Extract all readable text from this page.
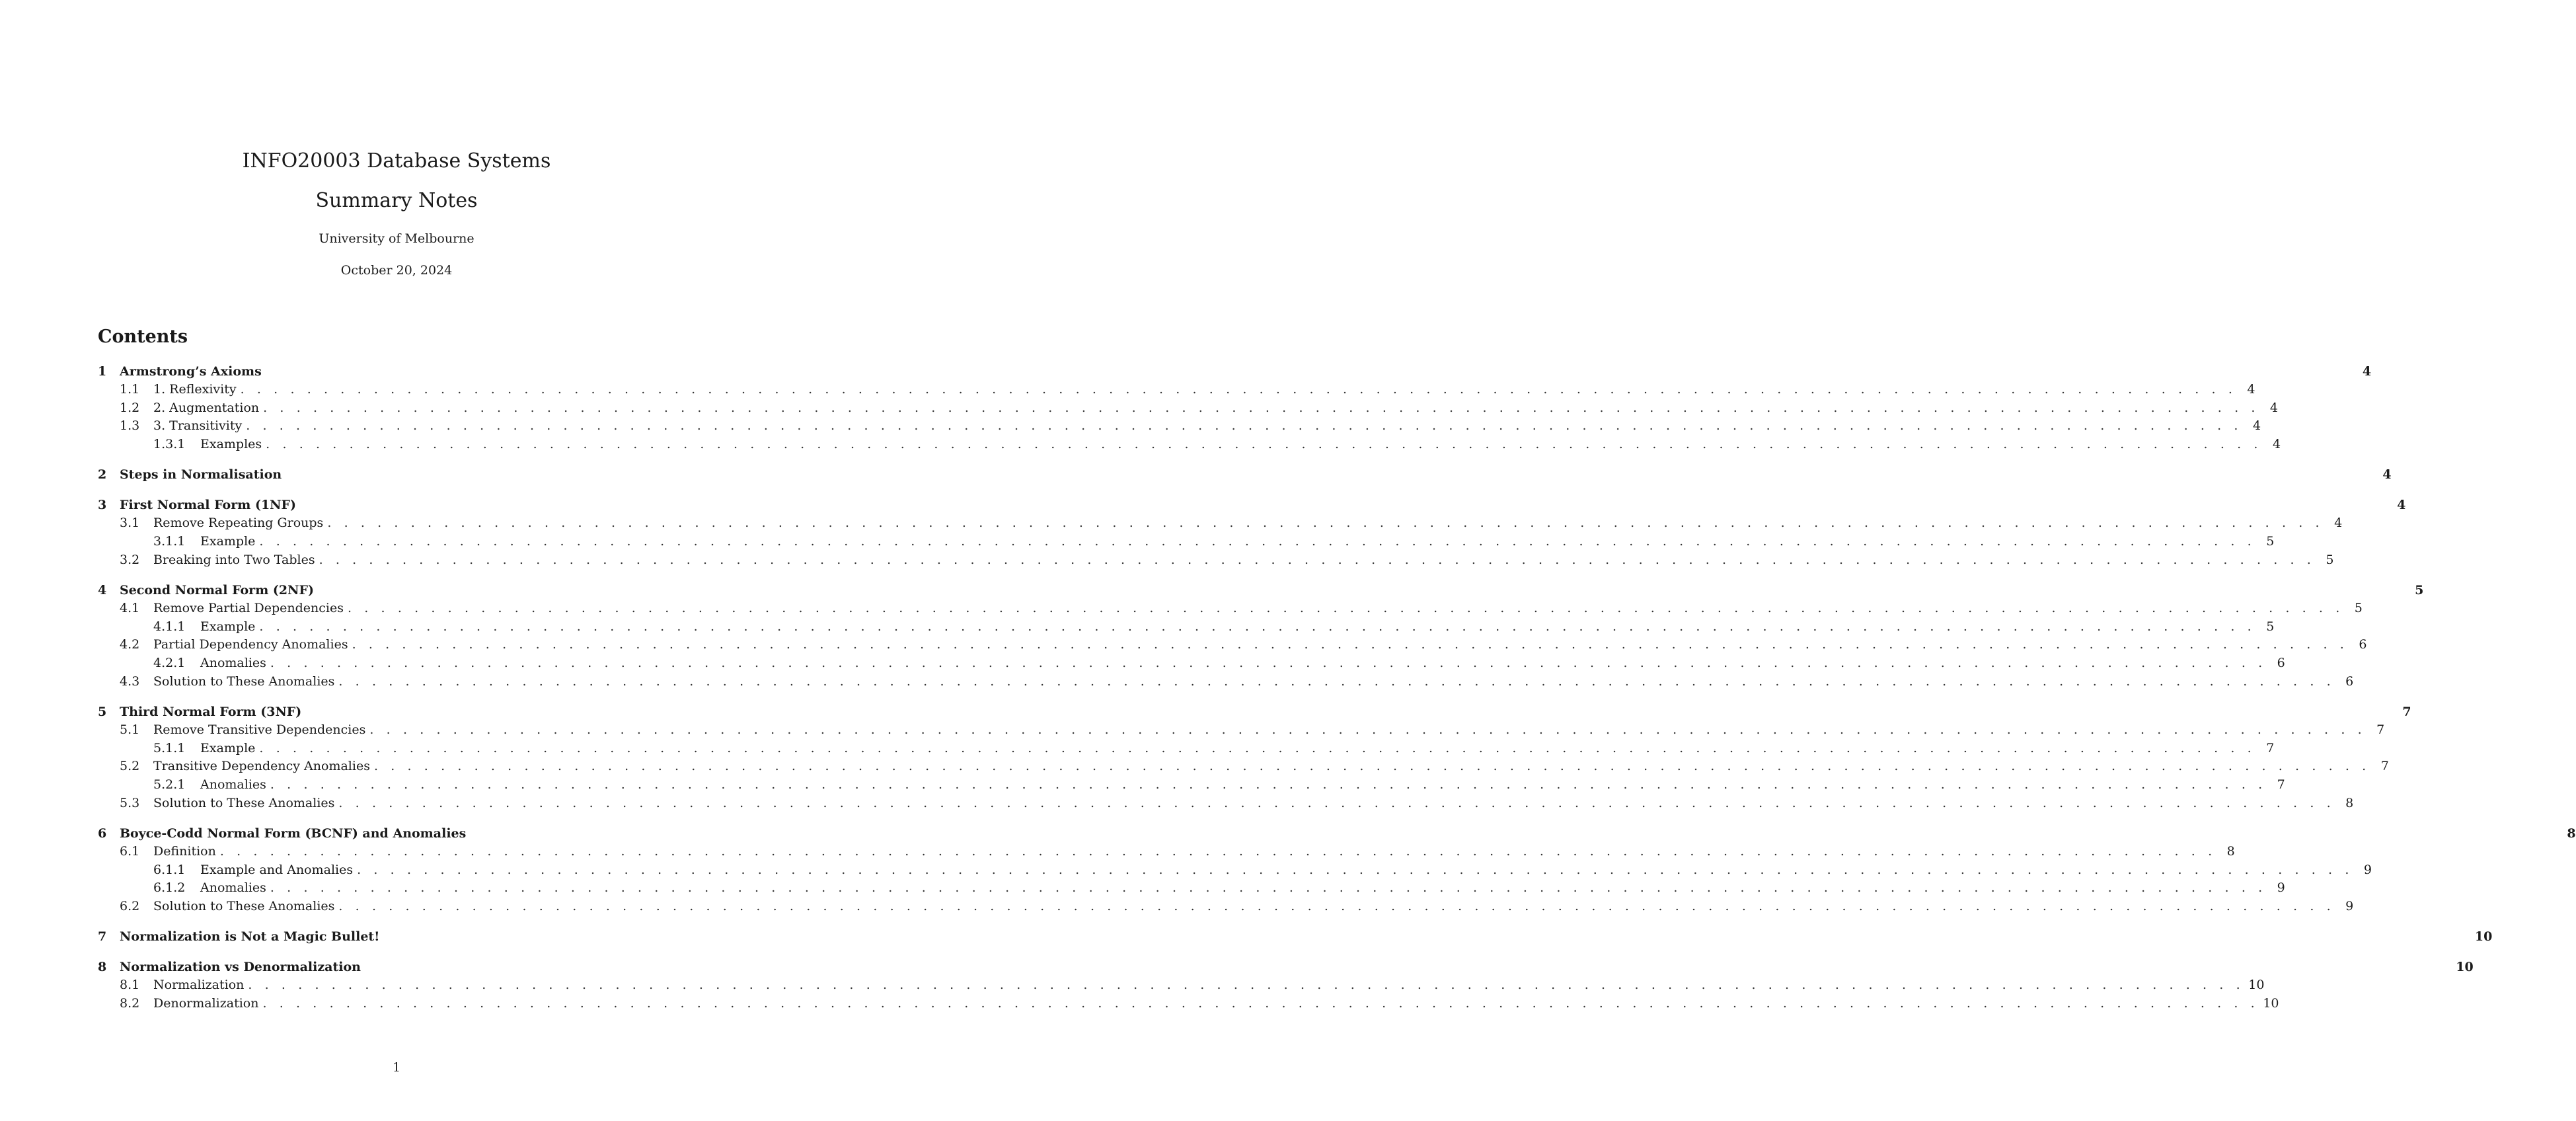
INFO20003 Database Systems
Summary Notes
University of Melbourne
October 20, 2024
Contents
1	Armstrong’s Axioms	4
1.1	1. Reflexivity . . . . . . . . . . . . . . . . . . . . . . . . . . . . . . . . . . . . . . . . . . . . . . . . . . . . . . . . . . . . . . . . . . . . . . . . . . . . . . . . . . . . . . . . . . . . . . . . . . . . . . . . . . . . . . . . . . . . . . . . 4
1.2	2. Augmentation . . . . . . . . . . . . . . . . . . . . . . . . . . . . . . . . . . . . . . . . . . . . . . . . . . . . . . . . . . . . . . . . . . . . . . . . . . . . . . . . . . . . . . . . . . . . . . . . . . . . . . . . . . . . . . . . . . . . . . . . 4
1.3	3. Transitivity . . . . . . . . . . . . . . . . . . . . . . . . . . . . . . . . . . . . . . . . . . . . . . . . . . . . . . . . . . . . . . . . . . . . . . . . . . . . . . . . . . . . . . . . . . . . . . . . . . . . . . . . . . . . . . . . . . . . . . . . 4
1.3.1	Examples . . . . . . . . . . . . . . . . . . . . . . . . . . . . . . . . . . . . . . . . . . . . . . . . . . . . . . . . . . . . . . . . . . . . . . . . . . . . . . . . . . . . . . . . . . . . . . . . . . . . . . . . . . . . . . . . . . . . . . . . 4
2	Steps in Normalisation	4
3	First Normal Form (1NF)	4
3.1	Remove Repeating Groups . . . . . . . . . . . . . . . . . . . . . . . . . . . . . . . . . . . . . . . . . . . . . . . . . . . . . . . . . . . . . . . . . . . . . . . . . . . . . . . . . . . . . . . . . . . . . . . . . . . . . . . . . . . . . . . . . . . . . . . . 4
3.1.1	Example . . . . . . . . . . . . . . . . . . . . . . . . . . . . . . . . . . . . . . . . . . . . . . . . . . . . . . . . . . . . . . . . . . . . . . . . . . . . . . . . . . . . . . . . . . . . . . . . . . . . . . . . . . . . . . . . . . . . . . . . 5
3.2	Breaking into Two Tables . . . . . . . . . . . . . . . . . . . . . . . . . . . . . . . . . . . . . . . . . . . . . . . . . . . . . . . . . . . . . . . . . . . . . . . . . . . . . . . . . . . . . . . . . . . . . . . . . . . . . . . . . . . . . . . . . . . . . . . . 5
4	Second Normal Form (2NF)	5
4.1	Remove Partial Dependencies . . . . . . . . . . . . . . . . . . . . . . . . . . . . . . . . . . . . . . . . . . . . . . . . . . . . . . . . . . . . . . . . . . . . . . . . . . . . . . . . . . . . . . . . . . . . . . . . . . . . . . . . . . . . . . . . . . . . . . . . 5
4.1.1	Example . . . . . . . . . . . . . . . . . . . . . . . . . . . . . . . . . . . . . . . . . . . . . . . . . . . . . . . . . . . . . . . . . . . . . . . . . . . . . . . . . . . . . . . . . . . . . . . . . . . . . . . . . . . . . . . . . . . . . . . . 5
4.2	Partial Dependency Anomalies . . . . . . . . . . . . . . . . . . . . . . . . . . . . . . . . . . . . . . . . . . . . . . . . . . . . . . . . . . . . . . . . . . . . . . . . . . . . . . . . . . . . . . . . . . . . . . . . . . . . . . . . . . . . . . . . . . . . . . . . 6
4.2.1	Anomalies . . . . . . . . . . . . . . . . . . . . . . . . . . . . . . . . . . . . . . . . . . . . . . . . . . . . . . . . . . . . . . . . . . . . . . . . . . . . . . . . . . . . . . . . . . . . . . . . . . . . . . . . . . . . . . . . . . . . . . . . 6
4.3	Solution to These Anomalies . . . . . . . . . . . . . . . . . . . . . . . . . . . . . . . . . . . . . . . . . . . . . . . . . . . . . . . . . . . . . . . . . . . . . . . . . . . . . . . . . . . . . . . . . . . . . . . . . . . . . . . . . . . . . . . . . . . . . . . . 6
5	Third Normal Form (3NF)	7
5.1	Remove Transitive Dependencies . . . . . . . . . . . . . . . . . . . . . . . . . . . . . . . . . . . . . . . . . . . . . . . . . . . . . . . . . . . . . . . . . . . . . . . . . . . . . . . . . . . . . . . . . . . . . . . . . . . . . . . . . . . . . . . . . . . . . . . . 7
5.1.1	Example . . . . . . . . . . . . . . . . . . . . . . . . . . . . . . . . . . . . . . . . . . . . . . . . . . . . . . . . . . . . . . . . . . . . . . . . . . . . . . . . . . . . . . . . . . . . . . . . . . . . . . . . . . . . . . . . . . . . . . . . 7
5.2	Transitive Dependency Anomalies . . . . . . . . . . . . . . . . . . . . . . . . . . . . . . . . . . . . . . . . . . . . . . . . . . . . . . . . . . . . . . . . . . . . . . . . . . . . . . . . . . . . . . . . . . . . . . . . . . . . . . . . . . . . . . . . . . . . . . . . 7
5.2.1	Anomalies . . . . . . . . . . . . . . . . . . . . . . . . . . . . . . . . . . . . . . . . . . . . . . . . . . . . . . . . . . . . . . . . . . . . . . . . . . . . . . . . . . . . . . . . . . . . . . . . . . . . . . . . . . . . . . . . . . . . . . . . 7
5.3	Solution to These Anomalies . . . . . . . . . . . . . . . . . . . . . . . . . . . . . . . . . . . . . . . . . . . . . . . . . . . . . . . . . . . . . . . . . . . . . . . . . . . . . . . . . . . . . . . . . . . . . . . . . . . . . . . . . . . . . . . . . . . . . . . . 8
6	Boyce-Codd Normal Form (BCNF) and Anomalies	8
6.1	Definition . . . . . . . . . . . . . . . . . . . . . . . . . . . . . . . . . . . . . . . . . . . . . . . . . . . . . . . . . . . . . . . . . . . . . . . . . . . . . . . . . . . . . . . . . . . . . . . . . . . . . . . . . . . . . . . . . . . . . . . . 8
6.1.1	Example and Anomalies . . . . . . . . . . . . . . . . . . . . . . . . . . . . . . . . . . . . . . . . . . . . . . . . . . . . . . . . . . . . . . . . . . . . . . . . . . . . . . . . . . . . . . . . . . . . . . . . . . . . . . . . . . . . . . . . . . . . . . . . 9
6.1.2	Anomalies . . . . . . . . . . . . . . . . . . . . . . . . . . . . . . . . . . . . . . . . . . . . . . . . . . . . . . . . . . . . . . . . . . . . . . . . . . . . . . . . . . . . . . . . . . . . . . . . . . . . . . . . . . . . . . . . . . . . . . . . 9
6.2	Solution to These Anomalies . . . . . . . . . . . . . . . . . . . . . . . . . . . . . . . . . . . . . . . . . . . . . . . . . . . . . . . . . . . . . . . . . . . . . . . . . . . . . . . . . . . . . . . . . . . . . . . . . . . . . . . . . . . . . . . . . . . . . . . . 9
7	Normalization is Not a Magic Bullet!	10
8	Normalization vs Denormalization	10
8.1	Normalization . . . . . . . . . . . . . . . . . . . . . . . . . . . . . . . . . . . . . . . . . . . . . . . . . . . . . . . . . . . . . . . . . . . . . . . . . . . . . . . . . . . . . . . . . . . . . . . . . . . . . . . . . . . . . . . . . . . . . . . . 10
8.2	Denormalization . . . . . . . . . . . . . . . . . . . . . . . . . . . . . . . . . . . . . . . . . . . . . . . . . . . . . . . . . . . . . . . . . . . . . . . . . . . . . . . . . . . . . . . . . . . . . . . . . . . . . . . . . . . . . . . . . . . . . . . . 10
1
